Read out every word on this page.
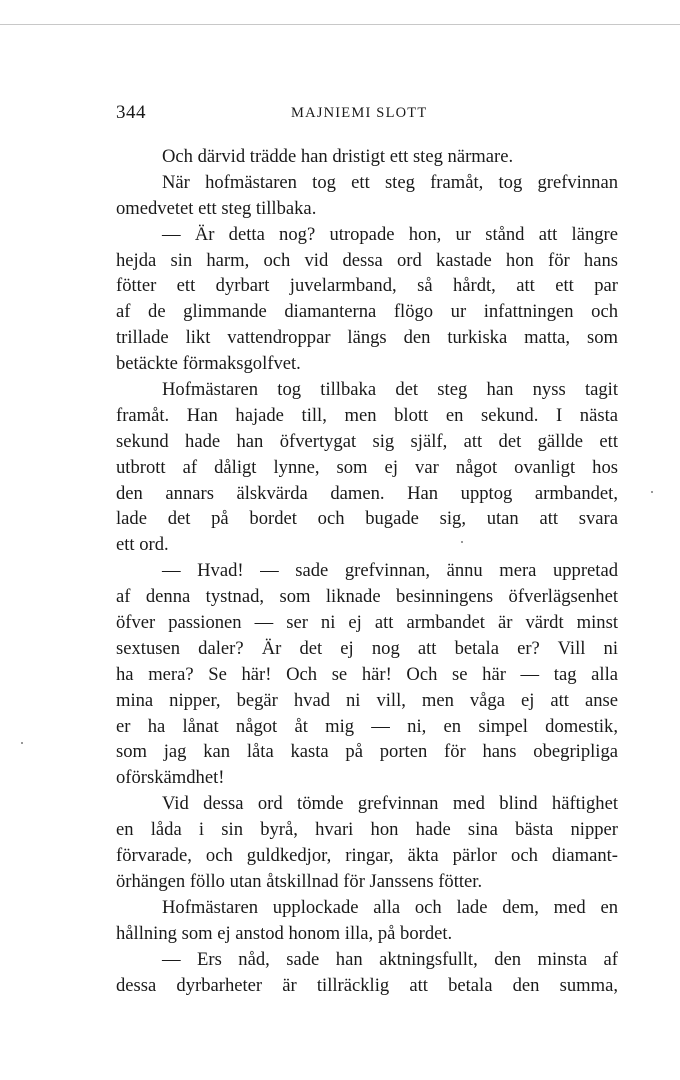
344	MAJNIEMI SLOTT
Och därvid trädde han dristigt ett steg närmare.
När hofmästaren tog ett steg framåt, tog grefvinnan
omedvetet ett steg tillbaka.
— Är detta nog? utropade hon, ur stånd att längre
hejda sin harm, och vid dessa ord kastade hon för hans
fötter ett dyrbart juvelarmband, så hårdt, att ett par
af de glimmande diamanterna flögo ur infattningen och
trillade likt vattendroppar längs den turkiska matta, som
betäckte förmaksgolfvet.
Hofmästaren tog tillbaka det steg han nyss tagit
framåt. Han hajade till, men blott en sekund. I nästa
sekund hade han öfvertygat sig själf, att det gällde ett
utbrott af dåligt lynne, som ej var något ovanligt hos
den annars älskvärda damen. Han upptog armbandet,
lade det på bordet och bugade sig, utan att svara
ett ord.
— Hvad! — sade grefvinnan, ännu mera uppretad
af denna tystnad, som liknade besinningens öfverlägsenhet
öfver passionen — ser ni ej att armbandet är värdt minst
sextusen daler? Är det ej nog att betala er? Vill ni
ha mera? Se här! Och se här! Och se här — tag alla
mina nipper, begär hvad ni vill, men våga ej att anse
er ha lånat något åt mig — ni, en simpel domestik,
som jag kan låta kasta på porten för hans obegripliga
oförskämdhet!
Vid dessa ord tömde grefvinnan med blind häftighet
en låda i sin byrå, hvari hon hade sina bästa nipper
förvarade, och guldkedjor, ringar, äkta pärlor och diamant-
örhängen föllo utan åtskillnad för Janssens fötter.
Hofmästaren upplockade alla och lade dem, med en
hållning som ej anstod honom illa, på bordet.
— Ers nåd, sade han aktningsfullt, den minsta af
dessa dyrbarheter är tillräcklig att betala den summa,
